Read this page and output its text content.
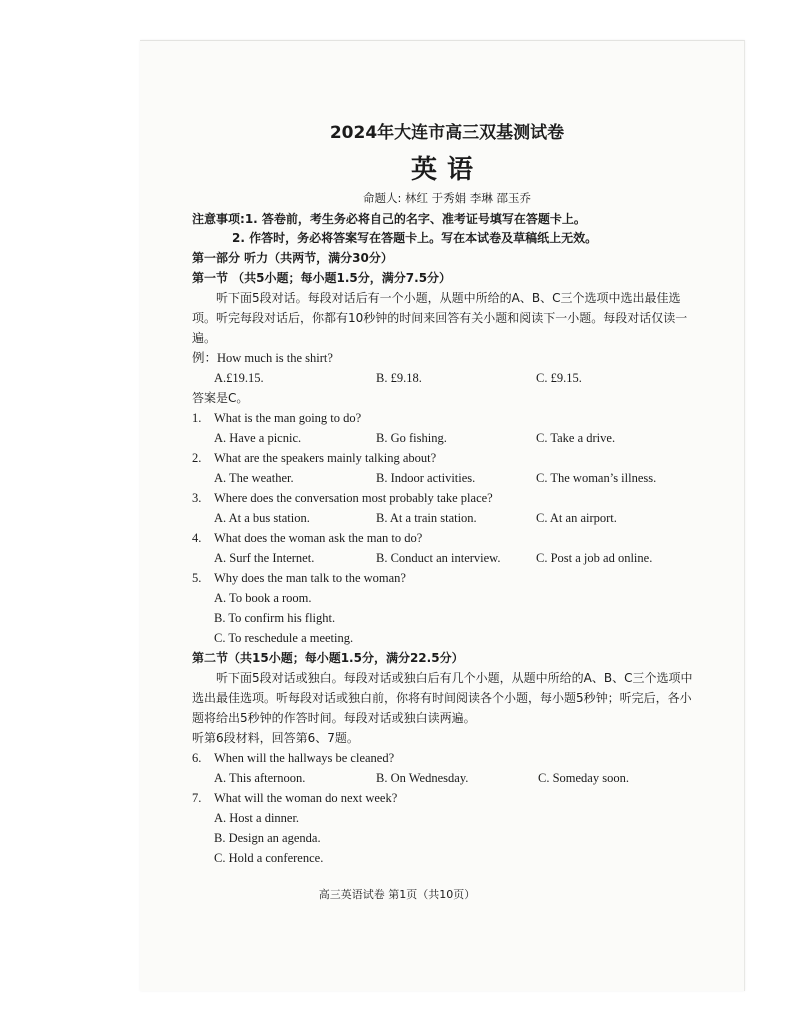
2024年大连市高三双基测试卷
英语
命题人: 林红 于秀娟 李琳 邵玉乔
注意事项:1. 答卷前，考生务必将自己的名字、准考证号填写在答题卡上。
2. 作答时，务必将答案写在答题卡上。写在本试卷及草稿纸上无效。
第一部分 听力（共两节，满分30分）
第一节 （共5小题；每小题1.5分，满分7.5分）
听下面5段对话。每段对话后有一个小题，从题中所给的A、B、C三个选项中选出最佳选项。听完每段对话后，你都有10秒钟的时间来回答有关小题和阅读下一小题。每段对话仅读一遍。
例：How much is the shirt?
A.£19.15.	B. £9.18.	C. £9.15.
答案是C。
1.	What is the man going to do?
A. Have a picnic.	B. Go fishing.	C. Take a drive.
2.	What are the speakers mainly talking about?
A. The weather.	B. Indoor activities.	C. The woman’s illness.
3.	Where does the conversation most probably take place?
A. At a bus station.	B. At a train station.	C. At an airport.
4.	What does the woman ask the man to do?
A. Surf the Internet.	B. Conduct an interview.	C. Post a job ad online.
5.	Why does the man talk to the woman?
A. To book a room.
B. To confirm his flight.
C. To reschedule a meeting.
第二节（共15小题；每小题1.5分，满分22.5分）
听下面5段对话或独白。每段对话或独白后有几个小题，从题中所给的A、B、C三个选项中选出最佳选项。听每段对话或独白前，你将有时间阅读各个小题，每小题5秒钟；听完后，各小题将给出5秒钟的作答时间。每段对话或独白读两遍。
听第6段材料，回答第6、7题。
6.	When will the hallways be cleaned?
A. This afternoon.	B. On Wednesday.	C. Someday soon.
7.	What will the woman do next week?
A. Host a dinner.
B. Design an agenda.
C. Hold a conference.
高三英语试卷 第1页（共10页）
